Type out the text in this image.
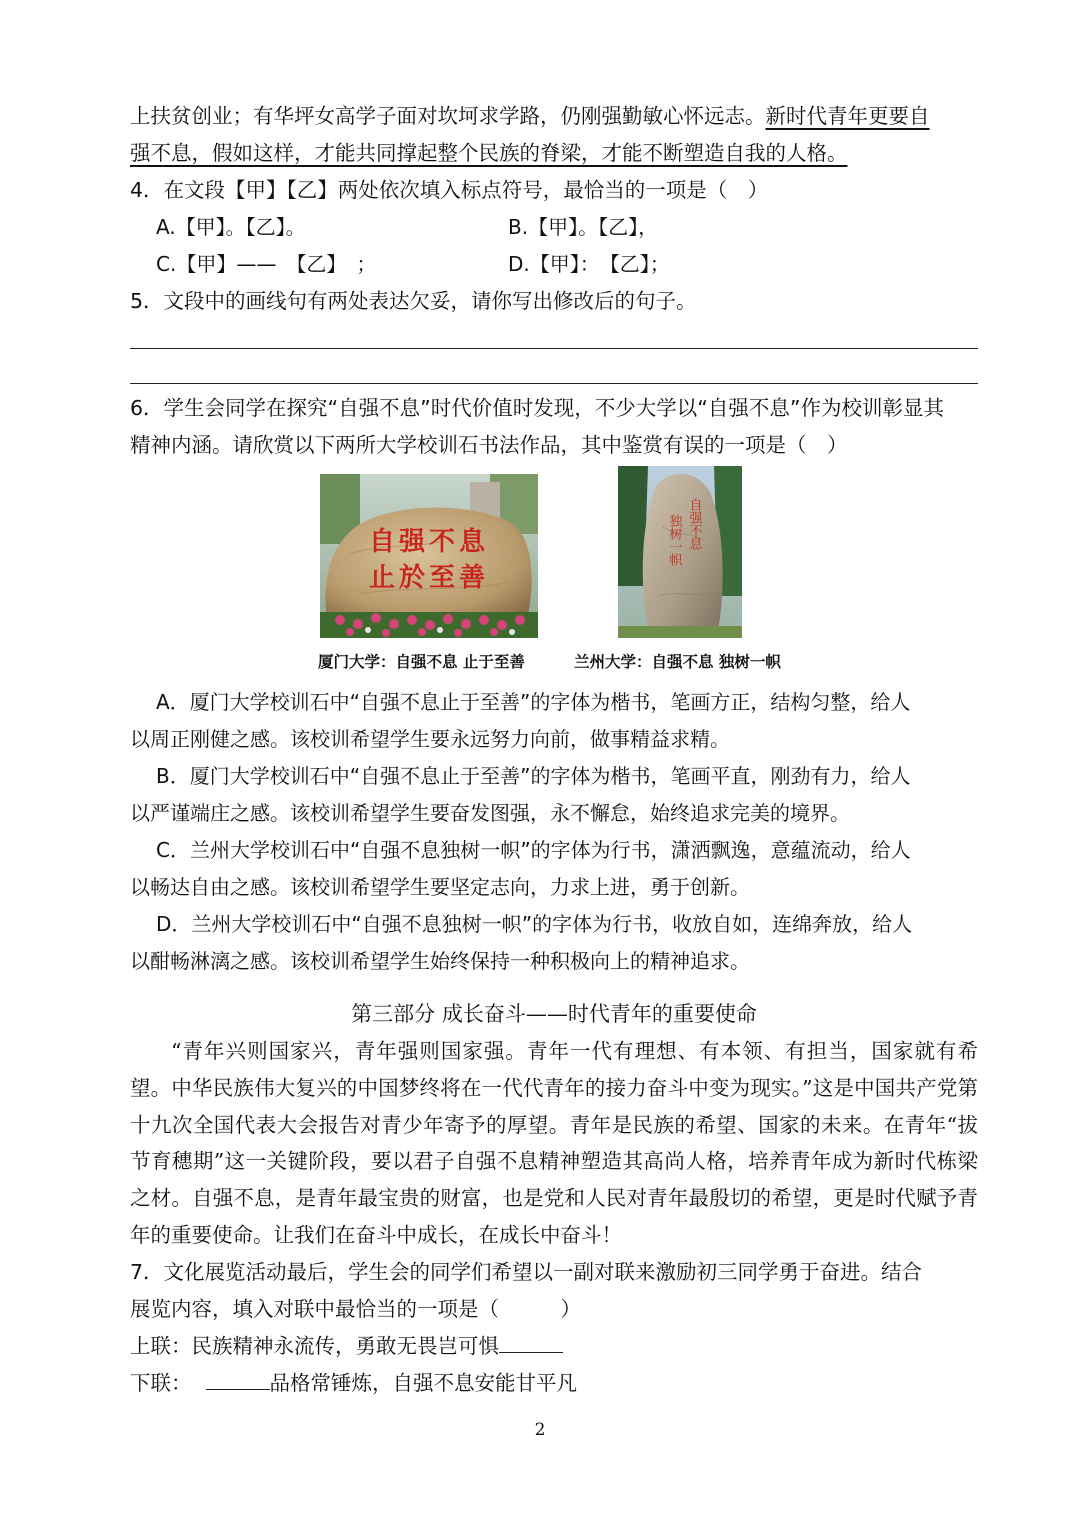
上扶贫创业；有华坪女高学子面对坎坷求学路，仍刚强勤敏心怀远志。新时代青年更要自
强不息，假如这样，才能共同撑起整个民族的脊梁，才能不断塑造自我的人格。
4．在文段【甲】【乙】两处依次填入标点符号，最恰当的一项是（　）
A.【甲】。【乙】。	B.【甲】。【乙】，
C.【甲】——　【乙】　；	D.【甲】：　【乙】；
5．文段中的画线句有两处表达欠妥，请你写出修改后的句子。
6．学生会同学在探究“自强不息”时代价值时发现，不少大学以“自强不息”作为校训彰显其
精神内涵。请欣赏以下两所大学校训石书法作品，其中鉴赏有误的一项是（　）
自强不息
止於至善
自强不息
独树一帜
厦门大学：自强不息 止于至善	兰州大学：自强不息 独树一帜
A．厦门大学校训石中“自强不息止于至善”的字体为楷书，笔画方正，结构匀整，给人
以周正刚健之感。该校训希望学生要永远努力向前，做事精益求精。
B．厦门大学校训石中“自强不息止于至善”的字体为楷书，笔画平直，刚劲有力，给人
以严谨端庄之感。该校训希望学生要奋发图强，永不懈怠，始终追求完美的境界。
C．兰州大学校训石中“自强不息独树一帜”的字体为行书，潇洒飘逸，意蕴流动，给人
以畅达自由之感。该校训希望学生要坚定志向，力求上进，勇于创新。
D．兰州大学校训石中“自强不息独树一帜”的字体为行书，收放自如，连绵奔放，给人
以酣畅淋漓之感。该校训希望学生始终保持一种积极向上的精神追求。
第三部分 成长奋斗——时代青年的重要使命
“青年兴则国家兴，青年强则国家强。青年一代有理想、有本领、有担当，国家就有希望。中华民族伟大复兴的中国梦终将在一代代青年的接力奋斗中变为现实。”这是中国共产党第十九次全国代表大会报告对青少年寄予的厚望。青年是民族的希望、国家的未来。在青年“拔节育穗期”这一关键阶段，要以君子自强不息精神塑造其高尚人格，培养青年成为新时代栋梁之材。自强不息，是青年最宝贵的财富，也是党和人民对青年最殷切的希望，更是时代赋予青年的重要使命。让我们在奋斗中成长，在成长中奋斗！
7．文化展览活动最后，学生会的同学们希望以一副对联来激励初三同学勇于奋进。结合
展览内容，填入对联中最恰当的一项是（　　　）
上联：民族精神永流传，勇敢无畏岂可惧
下联：	品格常锤炼，自强不息安能甘平凡
2
